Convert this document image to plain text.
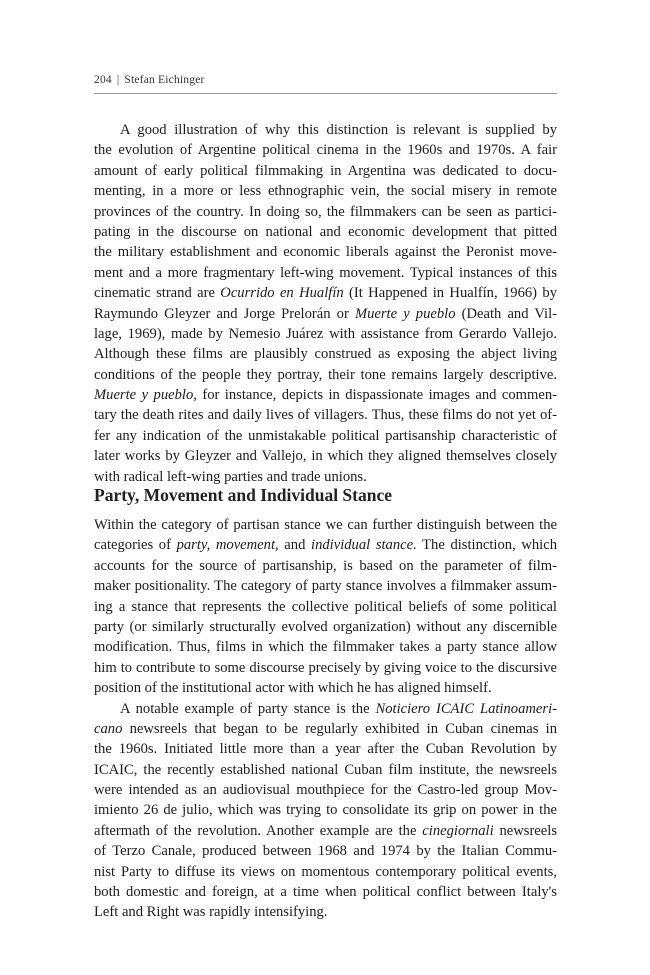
204 | Stefan Eichinger
A good illustration of why this distinction is relevant is supplied by
the evolution of Argentine political cinema in the 1960s and 1970s. A fair
amount of early political filmmaking in Argentina was dedicated to docu-
menting, in a more or less ethnographic vein, the social misery in remote
provinces of the country. In doing so, the filmmakers can be seen as partici-
pating in the discourse on national and economic development that pitted
the military establishment and economic liberals against the Peronist move-
ment and a more fragmentary left-wing movement. Typical instances of this
cinematic strand are Ocurrido en Hualfín (It Happened in Hualfín, 1966) by
Raymundo Gleyzer and Jorge Prelorán or Muerte y pueblo (Death and Vil-
lage, 1969), made by Nemesio Juárez with assistance from Gerardo Vallejo.
Although these films are plausibly construed as exposing the abject living
conditions of the people they portray, their tone remains largely descriptive.
Muerte y pueblo, for instance, depicts in dispassionate images and commen-
tary the death rites and daily lives of villagers. Thus, these films do not yet of-
fer any indication of the unmistakable political partisanship characteristic of
later works by Gleyzer and Vallejo, in which they aligned themselves closely
with radical left-wing parties and trade unions.
Party, Movement and Individual Stance
Within the category of partisan stance we can further distinguish between the
categories of party, movement, and individual stance. The distinction, which
accounts for the source of partisanship, is based on the parameter of film-
maker positionality. The category of party stance involves a filmmaker assum-
ing a stance that represents the collective political beliefs of some political
party (or similarly structurally evolved organization) without any discernible
modification. Thus, films in which the filmmaker takes a party stance allow
him to contribute to some discourse precisely by giving voice to the discursive
position of the institutional actor with which he has aligned himself.
A notable example of party stance is the Noticiero ICAIC Latinoameri-
cano newsreels that began to be regularly exhibited in Cuban cinemas in
the 1960s. Initiated little more than a year after the Cuban Revolution by
ICAIC, the recently established national Cuban film institute, the newsreels
were intended as an audiovisual mouthpiece for the Castro-led group Mov-
imiento 26 de julio, which was trying to consolidate its grip on power in the
aftermath of the revolution. Another example are the cinegiornali newsreels
of Terzo Canale, produced between 1968 and 1974 by the Italian Commu-
nist Party to diffuse its views on momentous contemporary political events,
both domestic and foreign, at a time when political conflict between Italy's
Left and Right was rapidly intensifying.
